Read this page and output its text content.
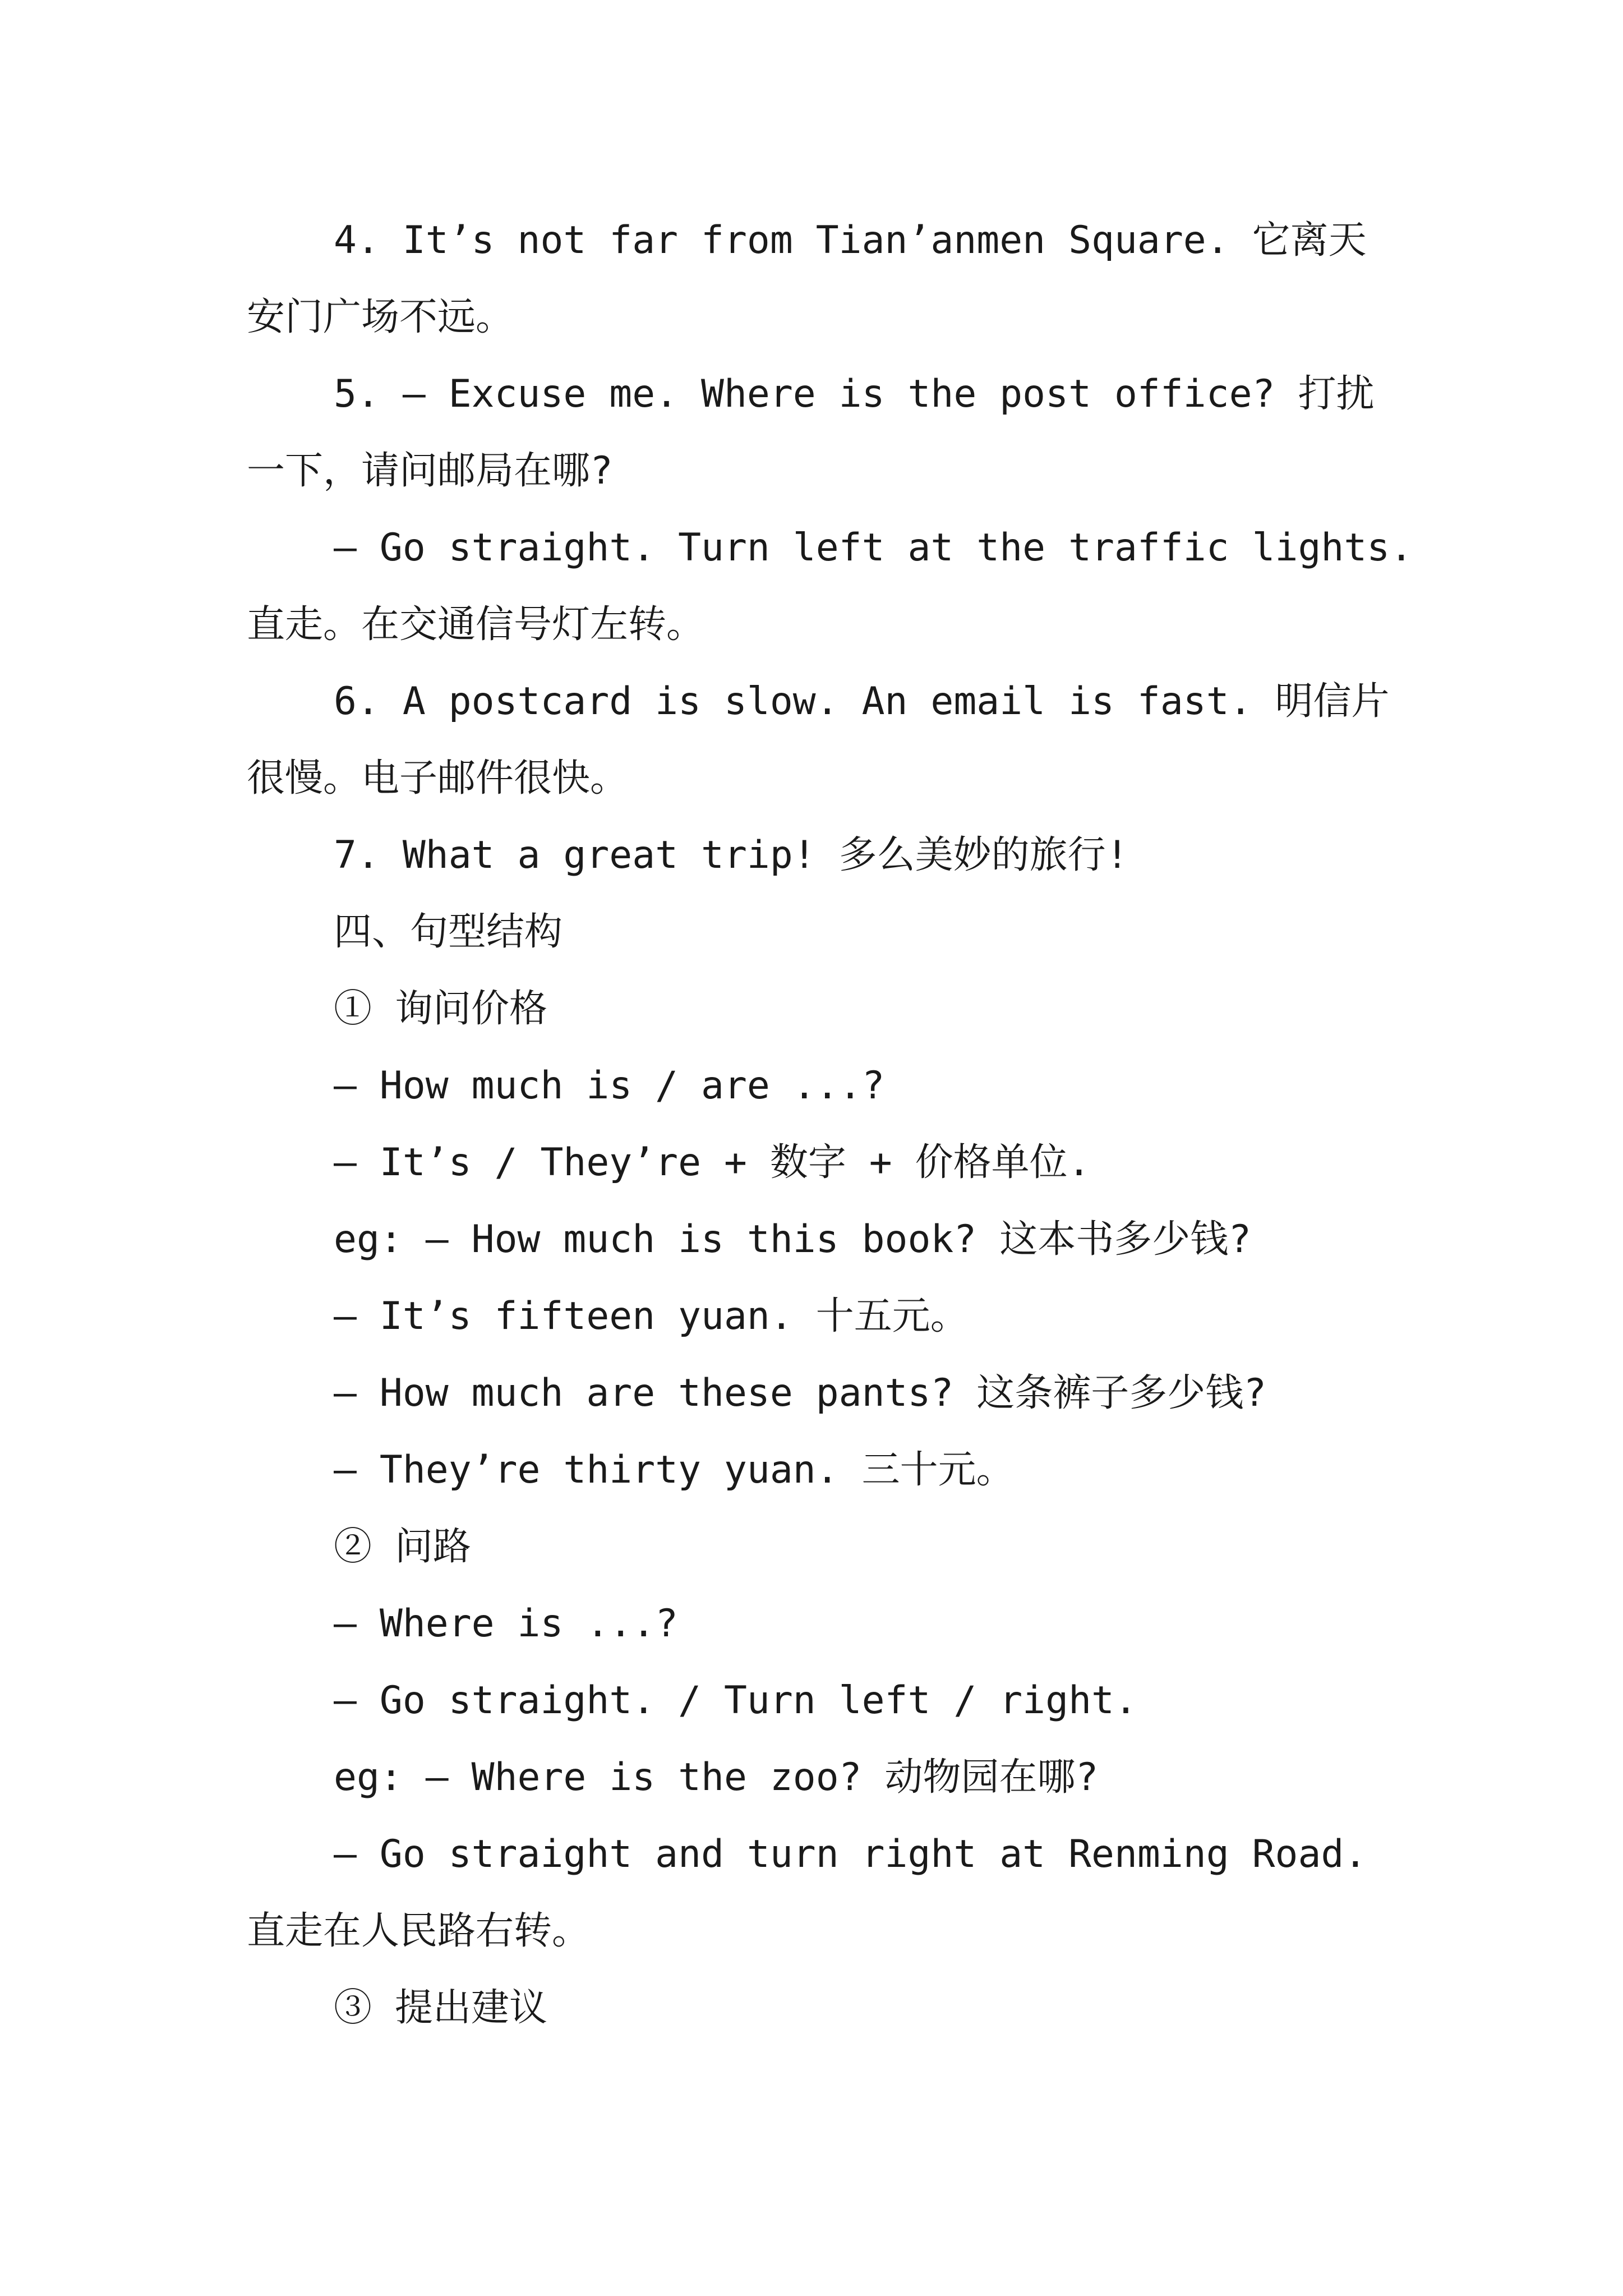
4. It’s not far from Tian’anmen Square. 它离天
安门广场不远。
5. — Excuse me. Where is the post office? 打扰
一下，请问邮局在哪?
— Go straight. Turn left at the traffic lights.
直走。在交通信号灯左转。
6. A postcard is slow. An email is fast. 明信片
很慢。电子邮件很快。
7. What a great trip! 多么美妙的旅行!
四、句型结构
① 询问价格
— How much is / are ...?
— It’s / They’re + 数字 + 价格单位.
eg: — How much is this book? 这本书多少钱?
— It’s fifteen yuan. 十五元。
— How much are these pants? 这条裤子多少钱?
— They’re thirty yuan. 三十元。
② 问路
— Where is ...?
— Go straight. / Turn left / right.
eg: — Where is the zoo? 动物园在哪?
— Go straight and turn right at Renming Road.
直走在人民路右转。
③ 提出建议
